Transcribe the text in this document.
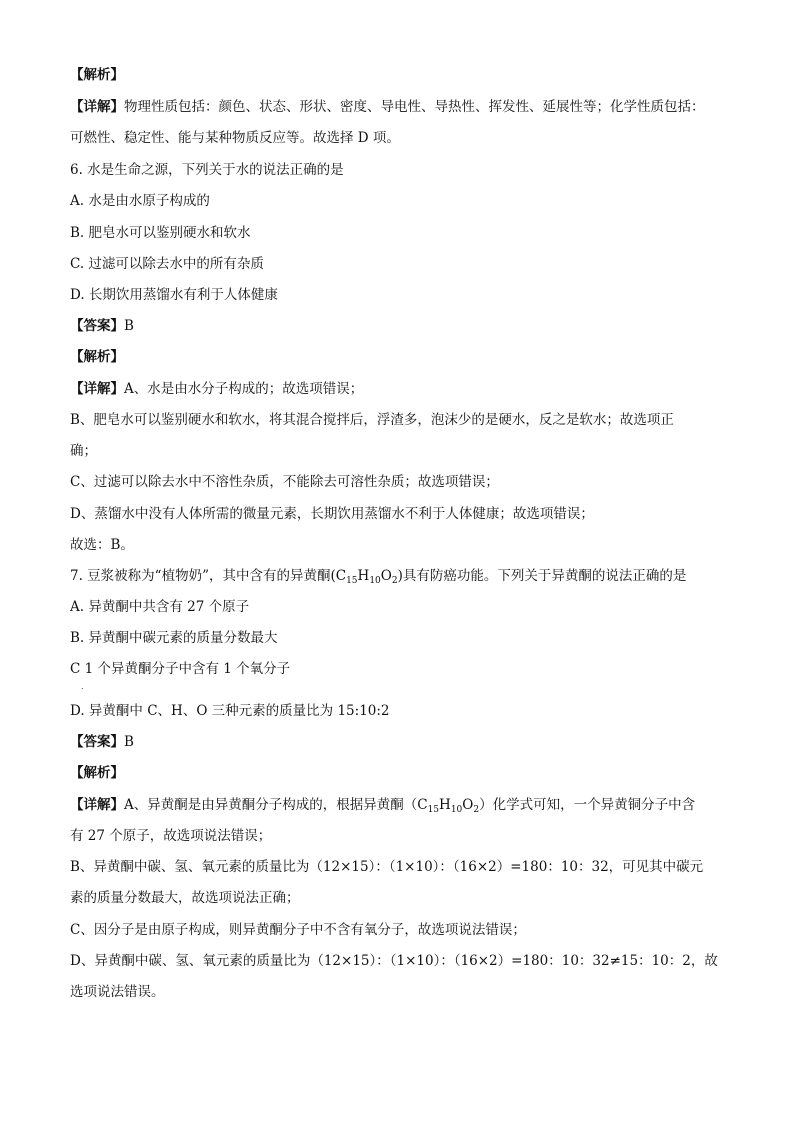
【解析】
【详解】物理性质包括：颜色、状态、形状、密度、导电性、导热性、挥发性、延展性等；化学性质包括：
可燃性、稳定性、能与某种物质反应等。故选择 D 项。
6. 水是生命之源，下列关于水的说法正确的是
A. 水是由水原子构成的
B. 肥皂水可以鉴别硬水和软水
C. 过滤可以除去水中的所有杂质
D. 长期饮用蒸馏水有利于人体健康
【答案】B
【解析】
【详解】A、水是由水分子构成的；故选项错误；
B、肥皂水可以鉴别硬水和软水，将其混合搅拌后，浮渣多，泡沫少的是硬水，反之是软水；故选项正
确；
C、过滤可以除去水中不溶性杂质，不能除去可溶性杂质；故选项错误；
D、蒸馏水中没有人体所需的微量元素，长期饮用蒸馏水不利于人体健康；故选项错误；
故选：B。
7. 豆浆被称为“植物奶”，其中含有的异黄酮$(C_{15}H_{10}O_2)$具有防癌功能。下列关于异黄酮的说法正确的是
A. 异黄酮中共含有 27 个原子
B. 异黄酮中碳元素的质量分数最大
C 1 个异黄酮分子中含有 1 个氧分子
.
D. 异黄酮中 C、H、O 三种元素的质量比为 15:10:2
【答案】B
【解析】
【详解】A、异黄酮是由异黄酮分子构成的，根据异黄酮$(C_{15}H_{10}O_2)$化学式可知，一个异黄铜分子中含
有 27 个原子，故选项说法错误；
B、异黄酮中碳、氢、氧元素的质量比为（12×15）：（1×10）：（16×2）=180：10：32，可见其中碳元
素的质量分数最大，故选项说法正确；
C、因分子是由原子构成，则异黄酮分子中不含有氧分子，故选项说法错误；
D、异黄酮中碳、氢、氧元素的质量比为（12×15）：（1×10）：（16×2）=180：10：32≠15：10：2，故
选项说法错误。
